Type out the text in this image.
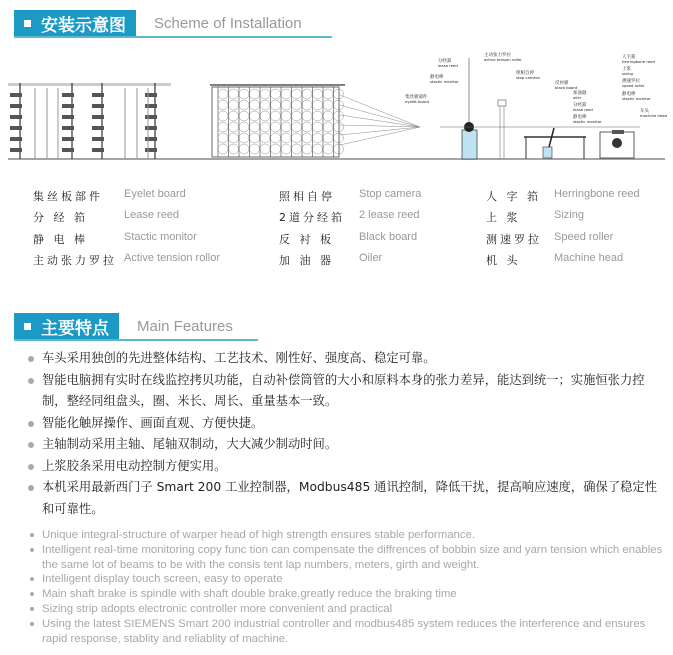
安装示意图 Scheme of Installation
集丝板部件
eyelet board
分经筘
lease reed
静电棒
stactic monitor
主动张力罗拉
active tension roller
照相自停
stop camera
反衬板
black board
加油器
oiler
分经筘
lease reed
静电棒
stactic monitor
人字筘
herringbone reed
上浆
sizing
测速罗拉
speed roller
静电棒
stactic monitor
车头
machine head
集丝板部件 Eyelet board
分 经 筘	Lease reed
静 电 棒	Stactic monitor
主动张力罗拉 Active tension rollor
照相自停 Stop camera
2道分经筘 2 lease reed
反 衬 板 Black board
加 油 器 Oiler
人 字 筘 Herringbone reed
上 浆	Sizing
测速罗拉 Speed roller
机 头	Machine head
主要特点 Main Features
车头采用独创的先进整体结构、工艺技术、刚性好、强度高、稳定可靠。
智能电脑拥有实时在线监控拷贝功能，自动补偿筒管的大小和原料本身的张力差异，能达到统一；实施恒张力控制，整经同组盘头，圈、米长、周长、重量基本一致。
智能化触屏操作、画面直观、方便快捷。
主轴制动采用主轴、尾轴双制动，大大减少制动时间。
上浆胶条采用电动控制方便实用。
本机采用最新西门子 Smart 200 工业控制器，Modbus485 通讯控制，降低干扰，提高响应速度，确保了稳定性和可靠性。
Unique integral-structure of warper head of high strength ensures stable performance.
Intelligent real-time monitoring copy func tion can compensate the diffrences of bobbin size and yarn tension which enables the same lot of beams to be with the consis tent lap numbers, meters, girth and weight.
Intelligent display touch screen, easy to operate
Main shaft brake is spindle with shaft double brake,greatly reduce the braking time
Sizing strip adopts electronic controller more convenient and practical
Using the latest SIEMENS Smart 200 industrial controller and modbus485 system reduces the interference and ensures rapid response, stablity and reliablity of machine.
